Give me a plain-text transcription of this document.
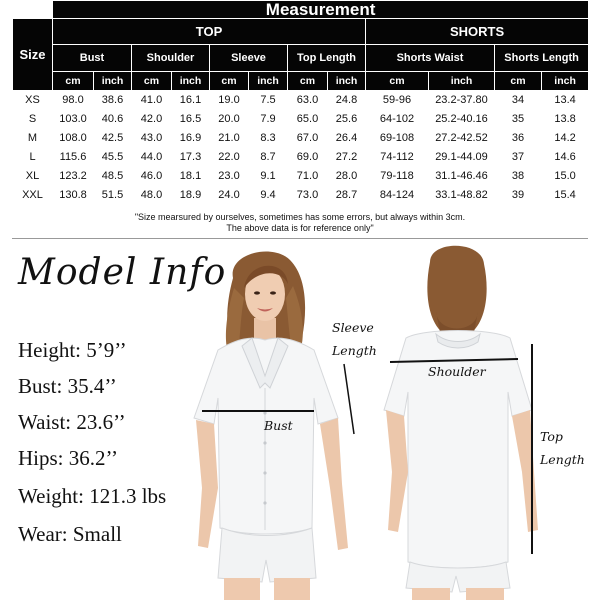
	Measurement											
Size	TOP								SHORTS			
	Bust		Shoulder		Sleeve		Top Length		Shorts Waist		Shorts Length	
	cm	inch	cm	inch	cm	inch	cm	inch	cm	inch	cm	inch
XS	98.0	38.6	41.0	16.1	19.0	7.5	63.0	24.8	59-96	23.2-37.80	34	13.4
S	103.0	40.6	42.0	16.5	20.0	7.9	65.0	25.6	64-102	25.2-40.16	35	13.8
M	108.0	42.5	43.0	16.9	21.0	8.3	67.0	26.4	69-108	27.2-42.52	36	14.2
L	115.6	45.5	44.0	17.3	22.0	8.7	69.0	27.2	74-112	29.1-44.09	37	14.6
XL	123.2	48.5	46.0	18.1	23.0	9.1	71.0	28.0	79-118	31.1-46.46	38	15.0
XXL	130.8	51.5	48.0	18.9	24.0	9.4	73.0	28.7	84-124	33.1-48.82	39	15.4
"Size mearsured by ourselves, sometimes has some errors, but always within 3cm.
The above data is for reference only"
Model Info
Height: 5’9’’
Bust: 35.4’’
Waist: 23.6’’
Hips: 36.2’’
Weight: 121.3 lbs
Wear: Small
Sleeve
Length
Bust
Shoulder
Top
Length
